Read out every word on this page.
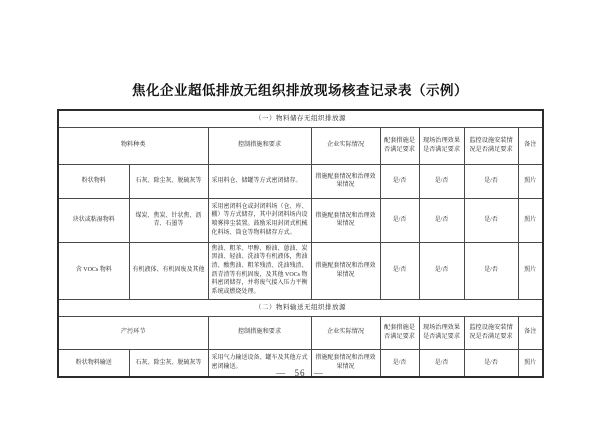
焦化企业超低排放无组织排放现场核查记录表（示例）
（一）物料储存无组织排放源							
物料种类		控制措施和要求	企业实际情况	配套措施是否满足要求	现场治理效果是否满足要求	监控设施安装情况是否满足要求	备注
粉状物料	石灰、除尘灰、脱硫灰等	采用料仓、储罐等方式密闭储存。	措施配套情况和治理效果情况	是/否	是/否	是/否	照片
块状或粘湿物料	煤炭、焦炭、针状焦、沥青、石墨等	采用密闭料仓或封闭料场（仓、库、棚）等方式储存，其中封闭料场内设喷雾抑尘装置。鼓励采用封闭式机械化料场、筒仓等物料储存方式。	措施配套情况和治理效果情况	是/否	是/否	是/否	照片
含 VOCs 物料	有机液体、有机固废及其他	焦油、粗苯、甲醇、酚油、蒽油、炭黑油、轻油、洗油等有机液体，焦油渣、酸焦油、粗苯残渣、洗油残渣、沥青渣等有机固废，及其他 VOCs 物料密闭储存，并将废气接入压力平衡系统或燃烧处理。	措施配套情况和治理效果情况	是/否	是/否	是/否	照片
（二）物料输送无组织排放源							
产污环节		控制措施和要求	企业实际情况	配套措施是否满足要求	现场治理效果是否满足要求	监控设施安装情况是否满足要求	备注
粉状物料输送	石灰、除尘灰、脱硫灰等	采用气力输送设备、罐车及其他方式密闭输送。	措施配套情况和治理效果情况	是/否	是/否	是/否	照片
— 56 —
